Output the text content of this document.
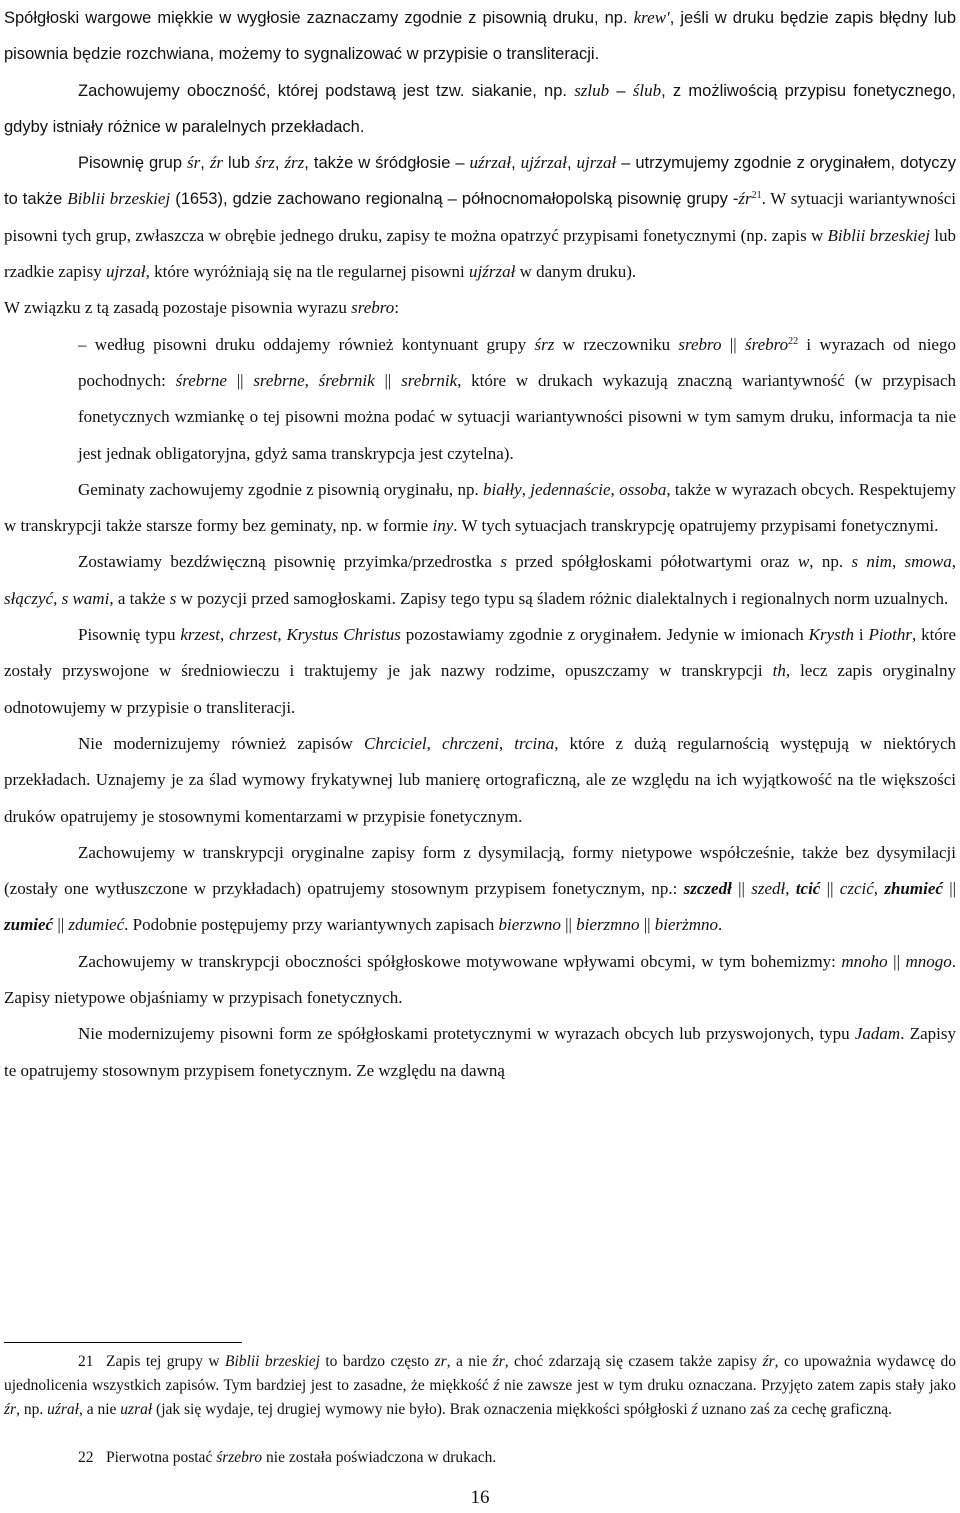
Spółgłoski wargowe miękkie w wygłosie zaznaczamy zgodnie z pisownią druku, np. krew', jeśli w druku będzie zapis błędny lub pisownia będzie rozchwiana, możemy to sygnalizować w przypisie o transliteracji.

Zachowujemy oboczność, której podstawą jest tzw. siakanie, np. szlub – ślub, z możliwością przypisu fonetycznego, gdyby istniały różnice w paralelnych przekładach.

Pisownię grup śr, źr lub śrz, źrz, także w śródgłosie – uźrzał, ujźrzał, ujrzał – utrzymujemy zgodnie z oryginałem, dotyczy to także Biblii brzeskiej (1653), gdzie zachowano regionalną – północnomałopolską pisownię grupy $-źr^{21}$. W sytuacji wariantywności pisowni tych grup, zwłaszcza w obrębie jednego druku, zapisy te można opatrzyć przypisami fonetycznymi (np. zapis w Biblii brzeskiej lub rzadkie zapisy ujrzał, które wyróżniają się na tle regularnej pisowni ujźrzał w danym druku).

W związku z tą zasadą pozostaje pisownia wyrazu srebro:

– według pisowni druku oddajemy również kontynuant grupy śrz w rzeczowniku srebro || śrebro$^{22}$ i wyrazach od niego pochodnych: śrebrne || srebrne, śrebrnik || srebrnik, które w drukach wykazują znaczną wariantywność (w przypisach fonetycznych wzmiankę o tej pisowni można podać w sytuacji wariantywności pisowni w tym samym druku, informacja ta nie jest jednak obligatoryjna, gdyż sama transkrypcja jest czytelna).

Geminaty zachowujemy zgodnie z pisownią oryginału, np. białły, jedennaście, ossoba, także w wyrazach obcych. Respektujemy w transkrypcji także starsze formy bez geminaty, np. w formie iny. W tych sytuacjach transkrypcję opatrujemy przypisami fonetycznymi.

Zostawiamy bezdźwięczną pisownię przyimka/przedrostka s przed spółgłoskami półotwartymi oraz w, np. s nim, smowa, słączyć, s wami, a także s w pozycji przed samogłoskami. Zapisy tego typu są śladem różnic dialektalnych i regionalnych norm uzualnych.

Pisownię typu krzest, chrzest, Krystus Christus pozostawiamy zgodnie z oryginałem. Jedynie w imionach Krysth i Piothr, które zostały przyswojone w średniowieczu i traktujemy je jak nazwy rodzime, opuszczamy w transkrypcji th, lecz zapis oryginalny odnotowujemy w przypisie o transliteracji.

Nie modernizujemy również zapisów Chrciciel, chrczeni, trcina, które z dużą regularnością występują w niektórych przekładach. Uznajemy je za ślad wymowy frykatywnej lub manierę ortograficzną, ale ze względu na ich wyjątkowość na tle większości druków opatrujemy je stosownymi komentarzami w przypisie fonetycznym.

Zachowujemy w transkrypcji oryginalne zapisy form z dysymilacją, formy nietypowe współcześnie, także bez dysymilacji (zostały one wytłuszczone w przykładach) opatrujemy stosownym przypisem fonetycznym, np.: szczedł || szedł, tcić || czcić, zhumieć || zumieć || zdumieć. Podobnie postępujemy przy wariantywnych zapisach bierzwno || bierzmno || bierżmno.

Zachowujemy w transkrypcji oboczności spółgłoskowe motywowane wpływami obcymi, w tym bohemizmy: mnoho || mnogo. Zapisy nietypowe objaśniamy w przypisach fonetycznych.

Nie modernizujemy pisowni form ze spółgłoskami protetycznymi w wyrazach obcych lub przyswojonych, typu Jadam. Zapisy te opatrujemy stosownym przypisem fonetycznym. Ze względu na dawną

21 Zapis tej grupy w Biblii brzeskiej to bardzo często zr, a nie źr, choć zdarzają się czasem także zapisy źr, co upoważnia wydawcę do ujednolicenia wszystkich zapisów. Tym bardziej jest to zasadne, że miękkość ź nie zawsze jest w tym druku oznaczana. Przyjęto zatem zapis stały jako źr, np. uźrał, a nie uzrał (jak się wydaje, tej drugiej wymowy nie było). Brak oznaczenia miękkości spółgłoski ź uznano zaś za cechę graficzną.
22 Pierwotna postać śrzebro nie została poświadczona w drukach.
16
